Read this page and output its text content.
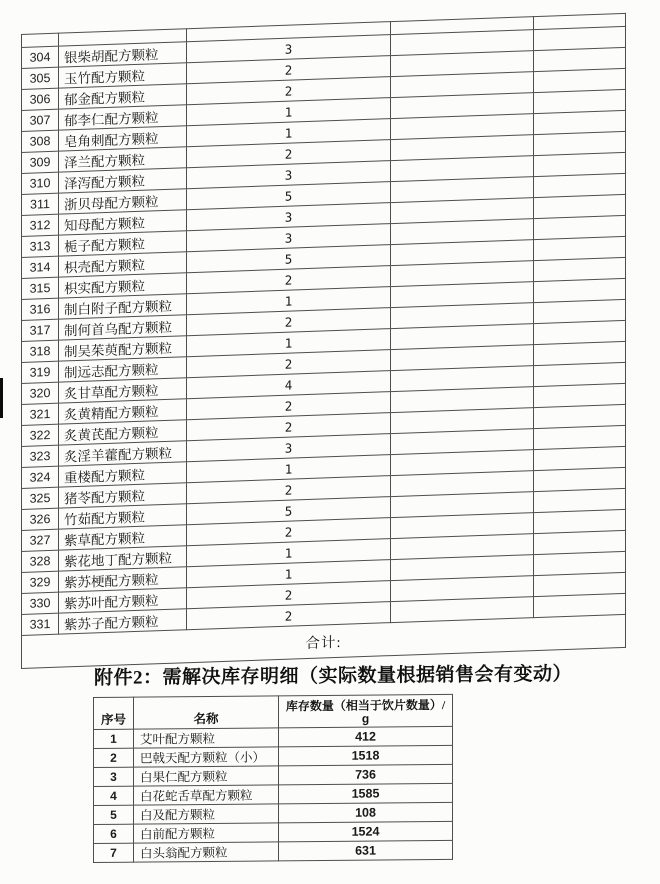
304	银柴胡配方颗粒	3		
305	玉竹配方颗粒	2		
306	郁金配方颗粒	2		
307	郁李仁配方颗粒	1		
308	皂角刺配方颗粒	1		
309	泽兰配方颗粒	2		
310	泽泻配方颗粒	3		
311	浙贝母配方颗粒	5		
312	知母配方颗粒	3		
313	栀子配方颗粒	3		
314	枳壳配方颗粒	5		
315	枳实配方颗粒	2		
316	制白附子配方颗粒	1		
317	制何首乌配方颗粒	2		
318	制吴茱萸配方颗粒	1		
319	制远志配方颗粒	2		
320	炙甘草配方颗粒	4		
321	炙黄精配方颗粒	2		
322	炙黄芪配方颗粒	2		
323	炙淫羊藿配方颗粒	3		
324	重楼配方颗粒	1		
325	猪苓配方颗粒	2		
326	竹茹配方颗粒	5		
327	紫草配方颗粒	2		
328	紫花地丁配方颗粒	1		
329	紫苏梗配方颗粒	1		
330	紫苏叶配方颗粒	2		
331	紫苏子配方颗粒	2		
合计:				
附件2：需解决库存明细（实际数量根据销售会有变动）
序号	名称	库存数量（相当于饮片数量）/
g

1	艾叶配方颗粒	412
2	巴戟天配方颗粒（小）	1518
3	白果仁配方颗粒	736
4	白花蛇舌草配方颗粒	1585
5	白及配方颗粒	108
6	白前配方颗粒	1524
7	白头翁配方颗粒	631
